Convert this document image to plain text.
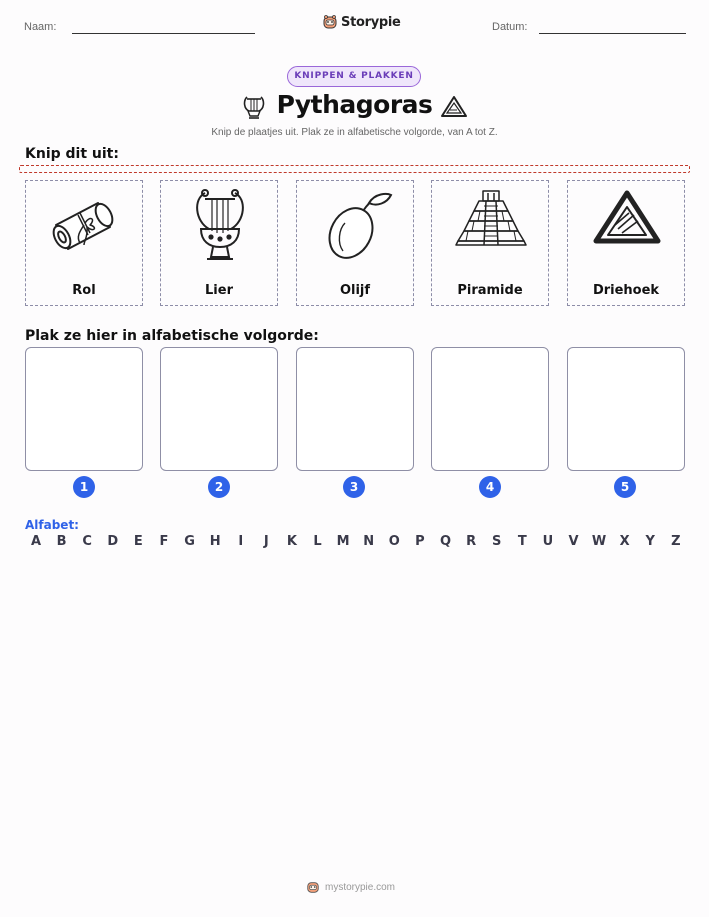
Naam:	Storypie	Datum:
KNIPPEN & PLAKKEN
Pythagoras
Knip de plaatjes uit. Plak ze in alfabetische volgorde, van A tot Z.
Knip dit uit:
Rol	Lier	Olijf	Piramide	Driehoek
Plak ze hier in alfabetische volgorde:
1	2	3	4	5
Alfabet:
A	B	C	D	E	F	G	H	I	J	K	L	M	N	O	P	Q	R	S	T	U	V	W	X	Y	Z
mystorypie.com
